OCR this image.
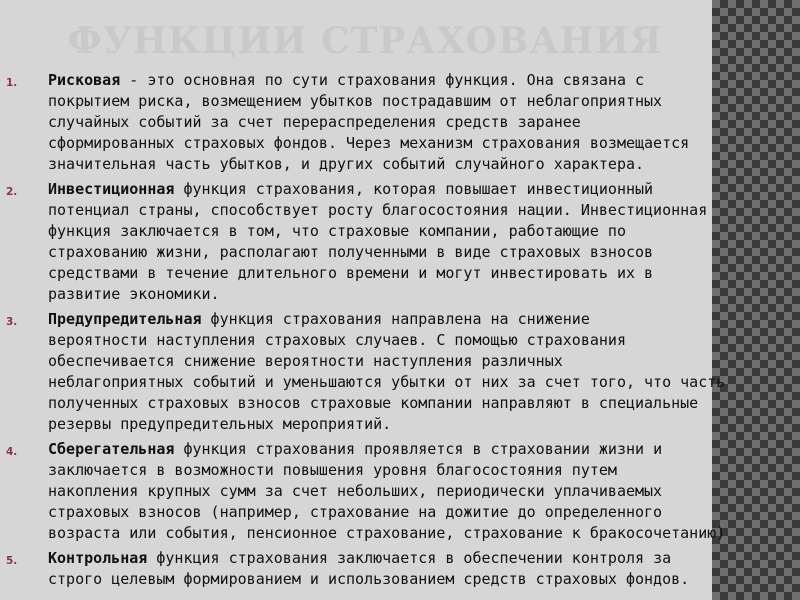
ФУНКЦИИ СТРАХОВАНИЯ
1. Рисковая - это основная по сути страхования функция. Она связана с
покрытием риска, возмещением убытков пострадавшим от неблагоприятных
случайных событий за счет перераспределения средств заранее
сформированных страховых фондов. Через механизм страхования возмещается
значительная часть убытков, и других событий случайного характера.
2. Инвестиционная функция страхования, которая повышает инвестиционный
потенциал страны, способствует росту благосостояния нации. Инвестиционная
функция заключается в том, что страховые компании, работающие по
страхованию жизни, располагают полученными в виде страховых взносов
средствами в течение длительного времени и могут инвестировать их в
развитие экономики.
3. Предупредительная функция страхования направлена на снижение
вероятности наступления страховых случаев. С помощью страхования
обеспечивается снижение вероятности наступления различных
неблагоприятных событий и уменьшаются убытки от них за счет того, что часть
полученных страховых взносов страховые компании направляют в специальные
резервы предупредительных мероприятий.
4. Сберегательная функция страхования проявляется в страховании жизни и
заключается в возможности повышения уровня благосостояния путем
накопления крупных сумм за счет небольших, периодически уплачиваемых
страховых взносов (например, страхование на дожитие до определенного
возраста или события, пенсионное страхование, страхование к бракосочетанию)
5. Контрольная функция страхования заключается в обеспечении контроля за
строго целевым формированием и использованием средств страховых фондов.
